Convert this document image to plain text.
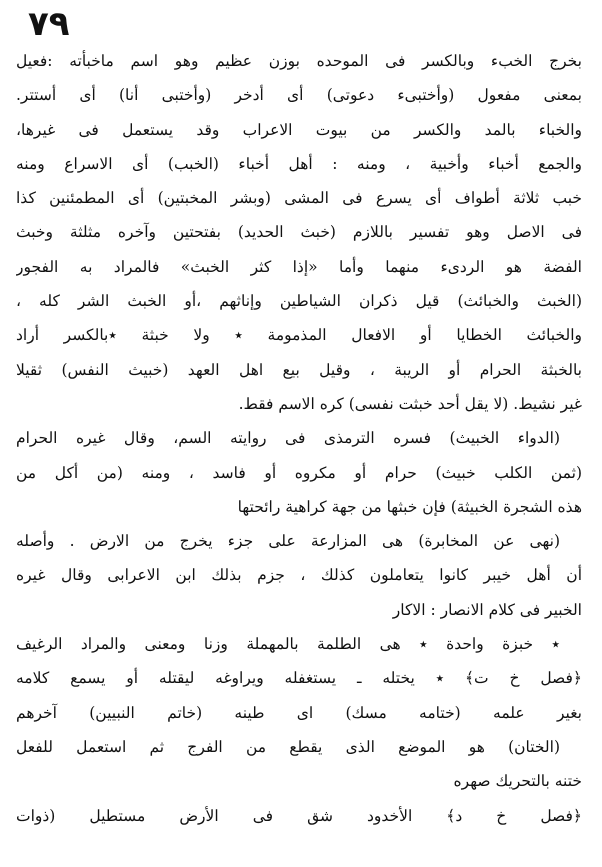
٧٩
بخرج الخبء وبالكسر فى الموحده بوزن عظيم وهو اسم ماخبأته :فعيل
بمعنى مفعول (وأختبىء دعوتى) أى أدخر (وأختبى أنا) أى أستتر.
والخباء بالمد والكسر من بيوت الاعراب وقد يستعمل فى غيرها،
والجمع أخباء وأخبية ، ومنه : أهل أخباء (الخبب) أى الاسراع ومنه
خبب ثلاثة أطواف أى يسرع فى المشى (وبشر المخبتين) أى المطمئنين كذا
فى الاصل وهو تفسير باللازم (خبث الحديد) بفتحتين وآخره مثلثة وخبث
الفضة هو الردىء منهما وأما «إذا كثر الخبث» فالمراد به الفجور
(الخبث والخبائث) قيل ذكران الشياطين وإناثهم ،أو الخبث الشر كله ،
والخبائث الخطايا أو الافعال المذمومة ٭ ولا خبثة ٭بالكسر أراد
بالخبثة الحرام أو الريبة ، وقيل بيع اهل العهد (خبيث النفس) ثقيلا
غير نشيط. (لا يقل أحد خبثت نفسى) كره الاسم فقط.
(الدواء الخبيث) فسره الترمذى فى روايته السم، وقال غيره الحرام
(ثمن الكلب خبيث) حرام أو مكروه أو فاسد ، ومنه (من أكل من
هذه الشجرة الخبيثة) فإن خبثها من جهة كراهية رائحتها
(نهى عن المخابرة) هى المزارعة على جزء يخرج من الارض . وأصله
أن أهل خيبر كانوا يتعاملون كذلك ، جزم بذلك ابن الاعرابى وقال غيره
الخبير فى كلام الانصار : الاكار
٭ خبزة واحدة ٭ هى الطلمة بالمهملة وزنا ومعنى والمراد الرغيف
﴿فصل خ ت﴾ ٭ يختله ـ يستغفله ويراوغه ليقتله أو يسمع كلامه
بغير علمه (ختامه مسك) اى طينه (خاتم النبيين) آخرهم
(الختان) هو الموضع الذى يقطع من الفرج ثم استعمل للفعل
ختنه بالتحريك صهره
﴿فصل خ د﴾ الأخدود شق فى الأرض مستطيل (ذوات
